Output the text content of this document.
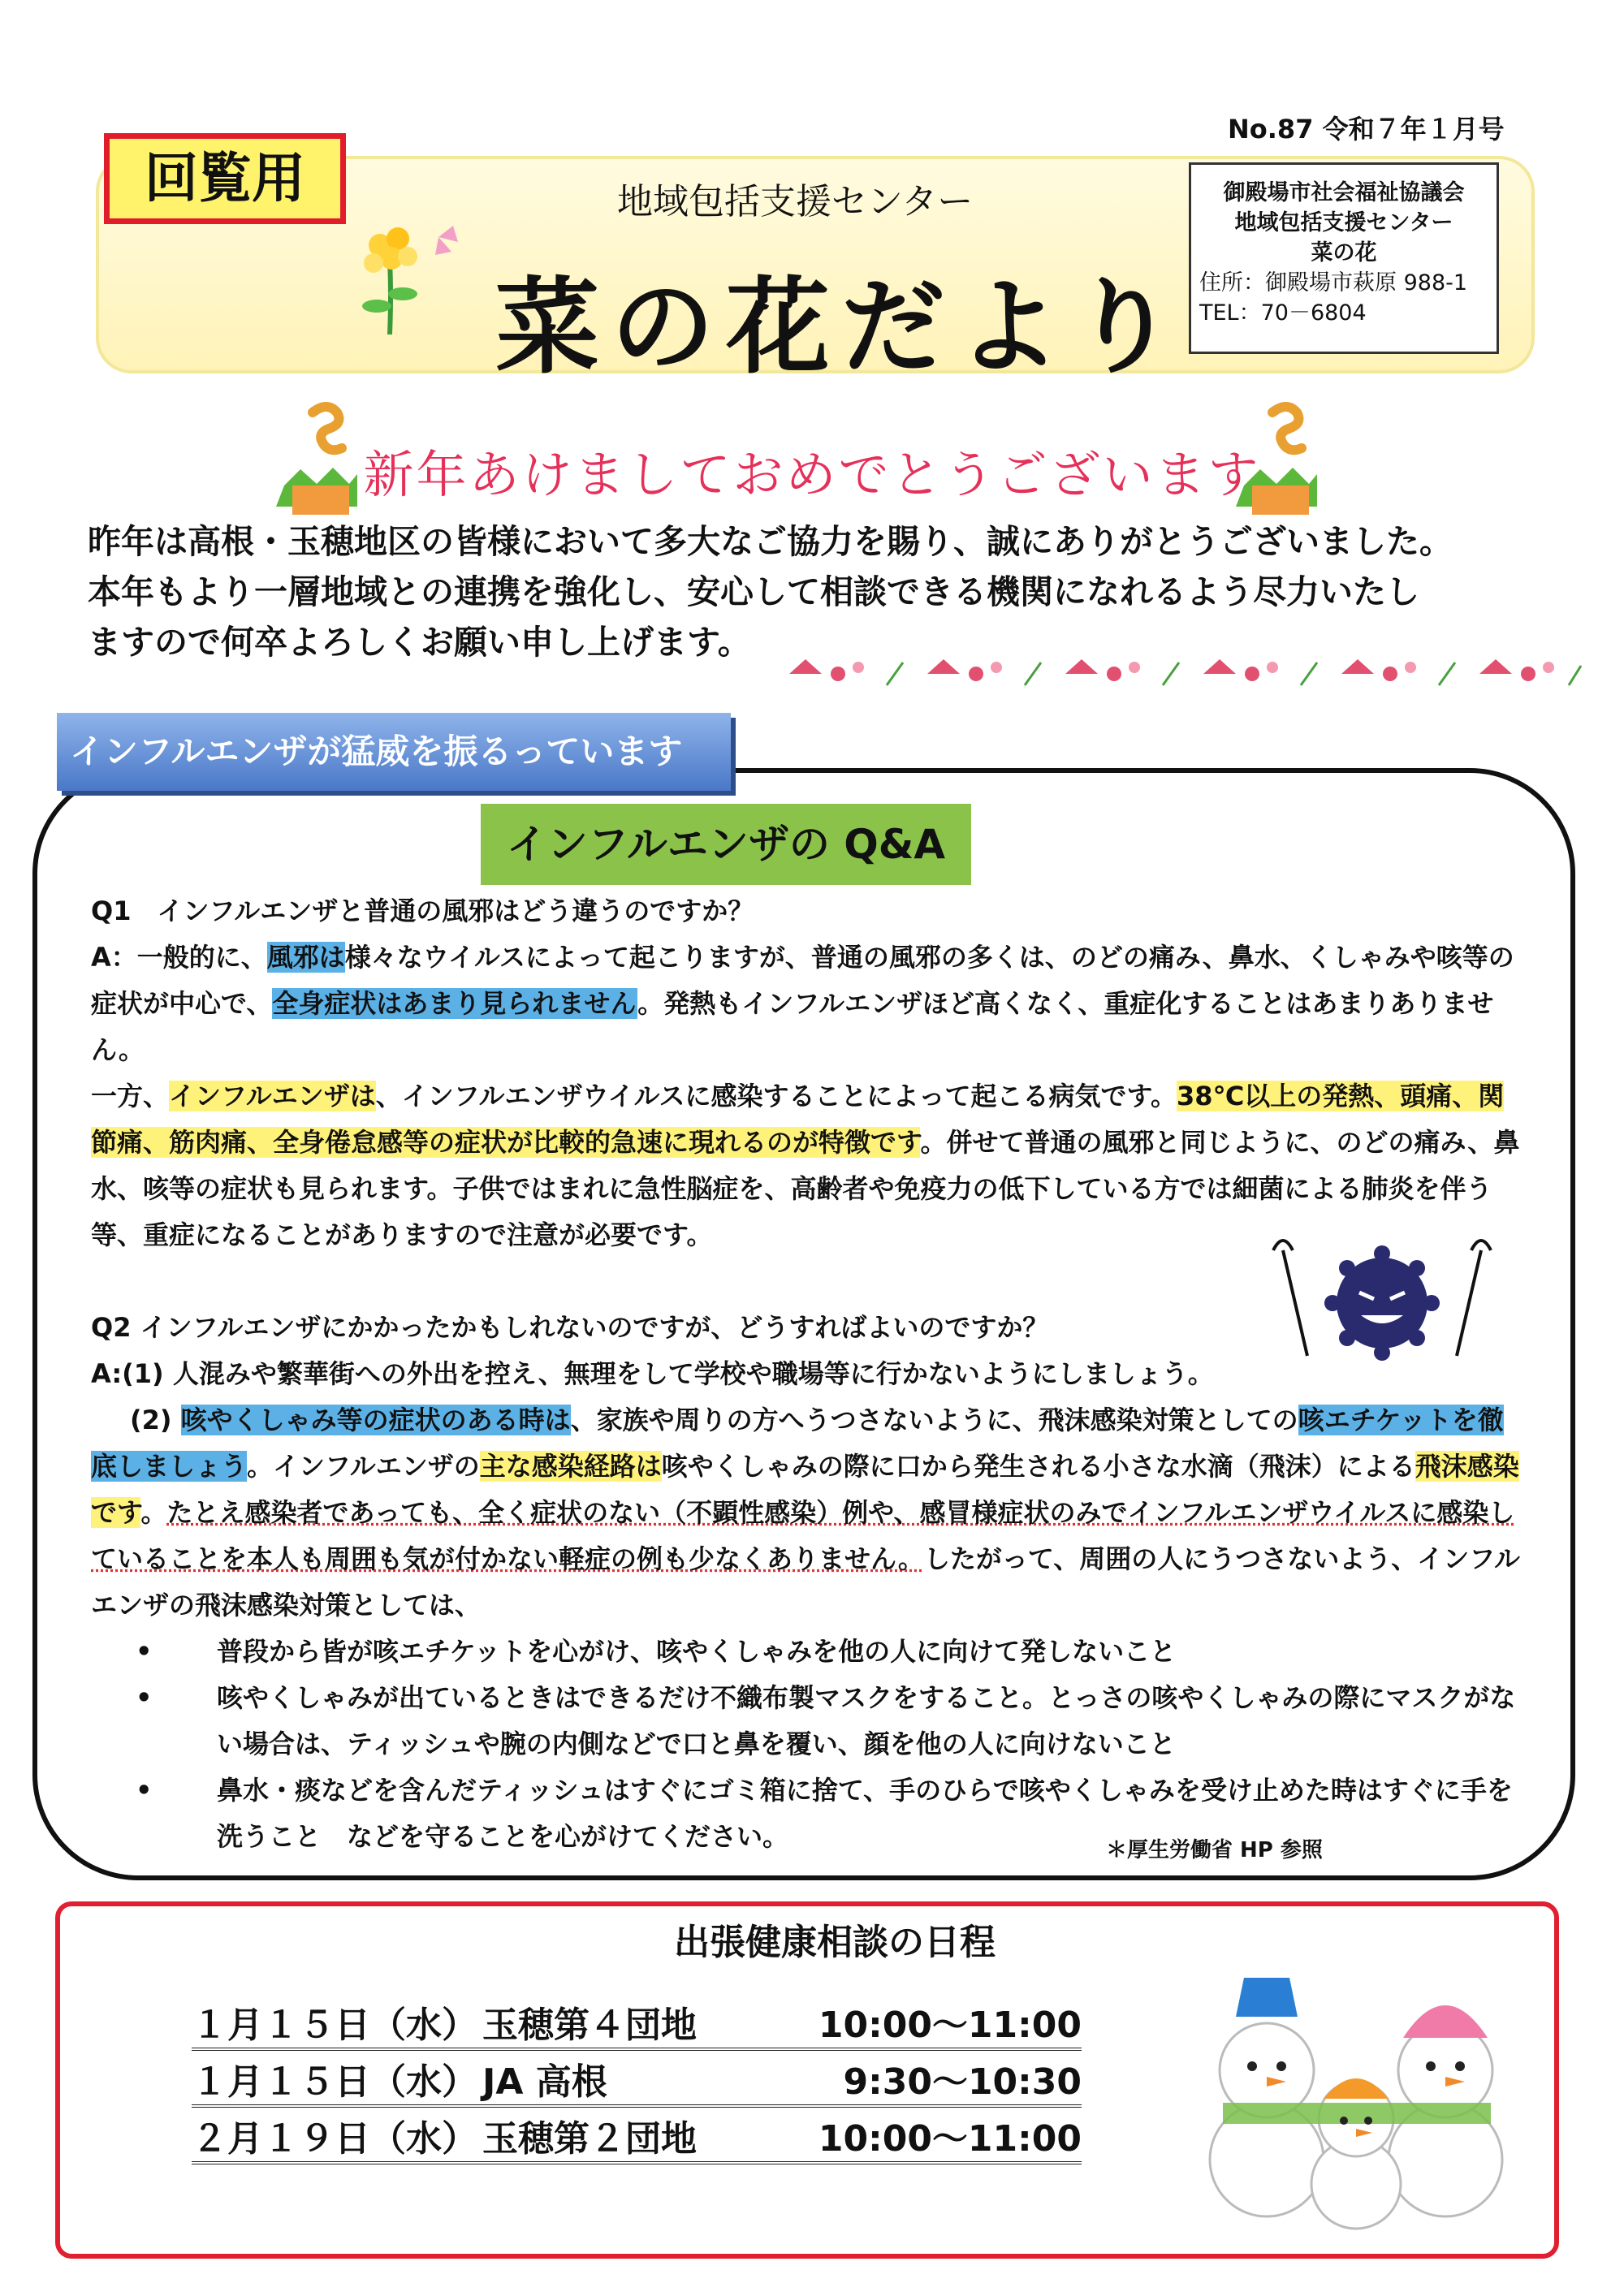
No.87 令和７年１月号
回覧用	地域包括支援センター
菜の花だより
御殿場市社会福祉協議会
地域包括支援センター
菜の花
住所：御殿場市萩原 988-1
TEL：70－6804
新年あけましておめでとうございます
昨年は高根・玉穂地区の皆様において多大なご協力を賜り、誠にありがとうございました。
本年もより一層地域との連携を強化し、安心して相談できる機関になれるよう尽力いたし
ますので何卒よろしくお願い申し上げます。
インフルエンザが猛威を振るっています
インフルエンザの Q&A

Q1　インフルエンザと普通の風邪はどう違うのですか？

A：一般的に、風邪は様々なウイルスによって起こりますが、普通の風邪の多くは、のどの痛み、鼻水、くしゃみや咳等の症状が中心で、全身症状はあまり見られません。発熱もインフルエンザほど高くなく、重症化することはあまりありません。

一方、インフルエンザは、インフルエンザウイルスに感染することによって起こる病気です。38℃以上の発熱、頭痛、関節痛、筋肉痛、全身倦怠感等の症状が比較的急速に現れるのが特徴です。併せて普通の風邪と同じように、のどの痛み、鼻水、咳等の症状も見られます。子供ではまれに急性脳症を、高齢者や免疫力の低下している方では細菌による肺炎を伴う等、重症になることがありますので注意が必要です。

Q2 インフルエンザにかかったかもしれないのですが、どうすればよいのですか？

A:(1) 人混みや繁華街への外出を控え、無理をして学校や職場等に行かないようにしましょう。

(2) 咳やくしゃみ等の症状のある時は、家族や周りの方へうつさないように、飛沫感染対策としての咳エチケットを徹底しましょう。インフルエンザの主な感染経路は咳やくしゃみの際に口から発生される小さな水滴（飛沫）による飛沫感染です。たとえ感染者であっても、全く症状のない（不顕性感染）例や、感冒様症状のみでインフルエンザウイルスに感染していることを本人も周囲も気が付かない軽症の例も少なくありません。したがって、周囲の人にうつさないよう、インフルエンザの飛沫感染対策としては、

• 普段から皆が咳エチケットを心がけ、咳やくしゃみを他の人に向けて発しないこと
• 咳やくしゃみが出ているときはできるだけ不織布製マスクをすること。とっさの咳やくしゃみの際にマスクがない場合は、ティッシュや腕の内側などで口と鼻を覆い、顔を他の人に向けないこと
• 鼻水・痰などを含んだティッシュはすぐにゴミ箱に捨て、手のひらで咳やくしゃみを受け止めた時はすぐに手を洗うこと　などを守ることを心がけてください。	＊厚生労働省 HP 参照
出張健康相談の日程
１月１５日（水） 玉穂第４団地	10:00～11:00
１月１５日（水） JA 高根	9:30～10:30
２月１９日（水） 玉穂第２団地	10:00～11:00
